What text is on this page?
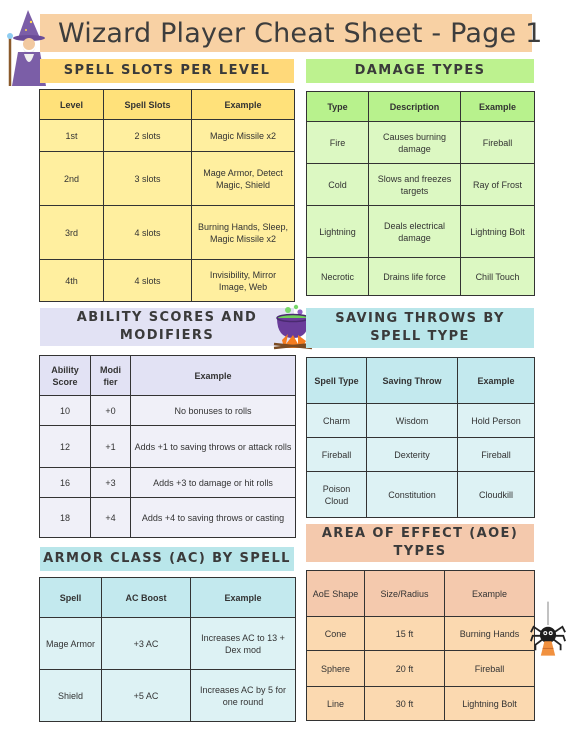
Wizard Player Cheat Sheet - Page 1
SPELL SLOTS PER LEVEL
Level	Spell Slots	Example
1st	2 slots	Magic Missile x2
2nd	3 slots	Mage Armor, Detect Magic, Shield
3rd	4 slots	Burning Hands, Sleep, Magic Missile x2
4th	4 slots	Invisibility, Mirror Image, Web
DAMAGE TYPES
Type	Description	Example
Fire	Causes burning damage	Fireball
Cold	Slows and freezes targets	Ray of Frost
Lightning	Deals electrical damage	Lightning Bolt
Necrotic	Drains life force	Chill Touch
ABILITY SCORES AND MODIFIERS
Ability Score	Modi fier	Example
10	+0	No bonuses to rolls
12	+1	Adds +1 to saving throws or attack rolls
16	+3	Adds +3 to damage or hit rolls
18	+4	Adds +4 to saving throws or casting
SAVING THROWS BY SPELL TYPE
Spell Type	Saving Throw	Example
Charm	Wisdom	Hold Person
Fireball	Dexterity	Fireball
Poison Cloud	Constitution	Cloudkill
ARMOR CLASS (AC) BY SPELL
Spell	AC Boost	Example
Mage Armor	+3 AC	Increases AC to 13 + Dex mod
Shield	+5 AC	Increases AC by 5 for one round
AREA OF EFFECT (AOE) TYPES
AoE Shape	Size/Radius	Example
Cone	15 ft	Burning Hands
Sphere	20 ft	Fireball
Line	30 ft	Lightning Bolt
